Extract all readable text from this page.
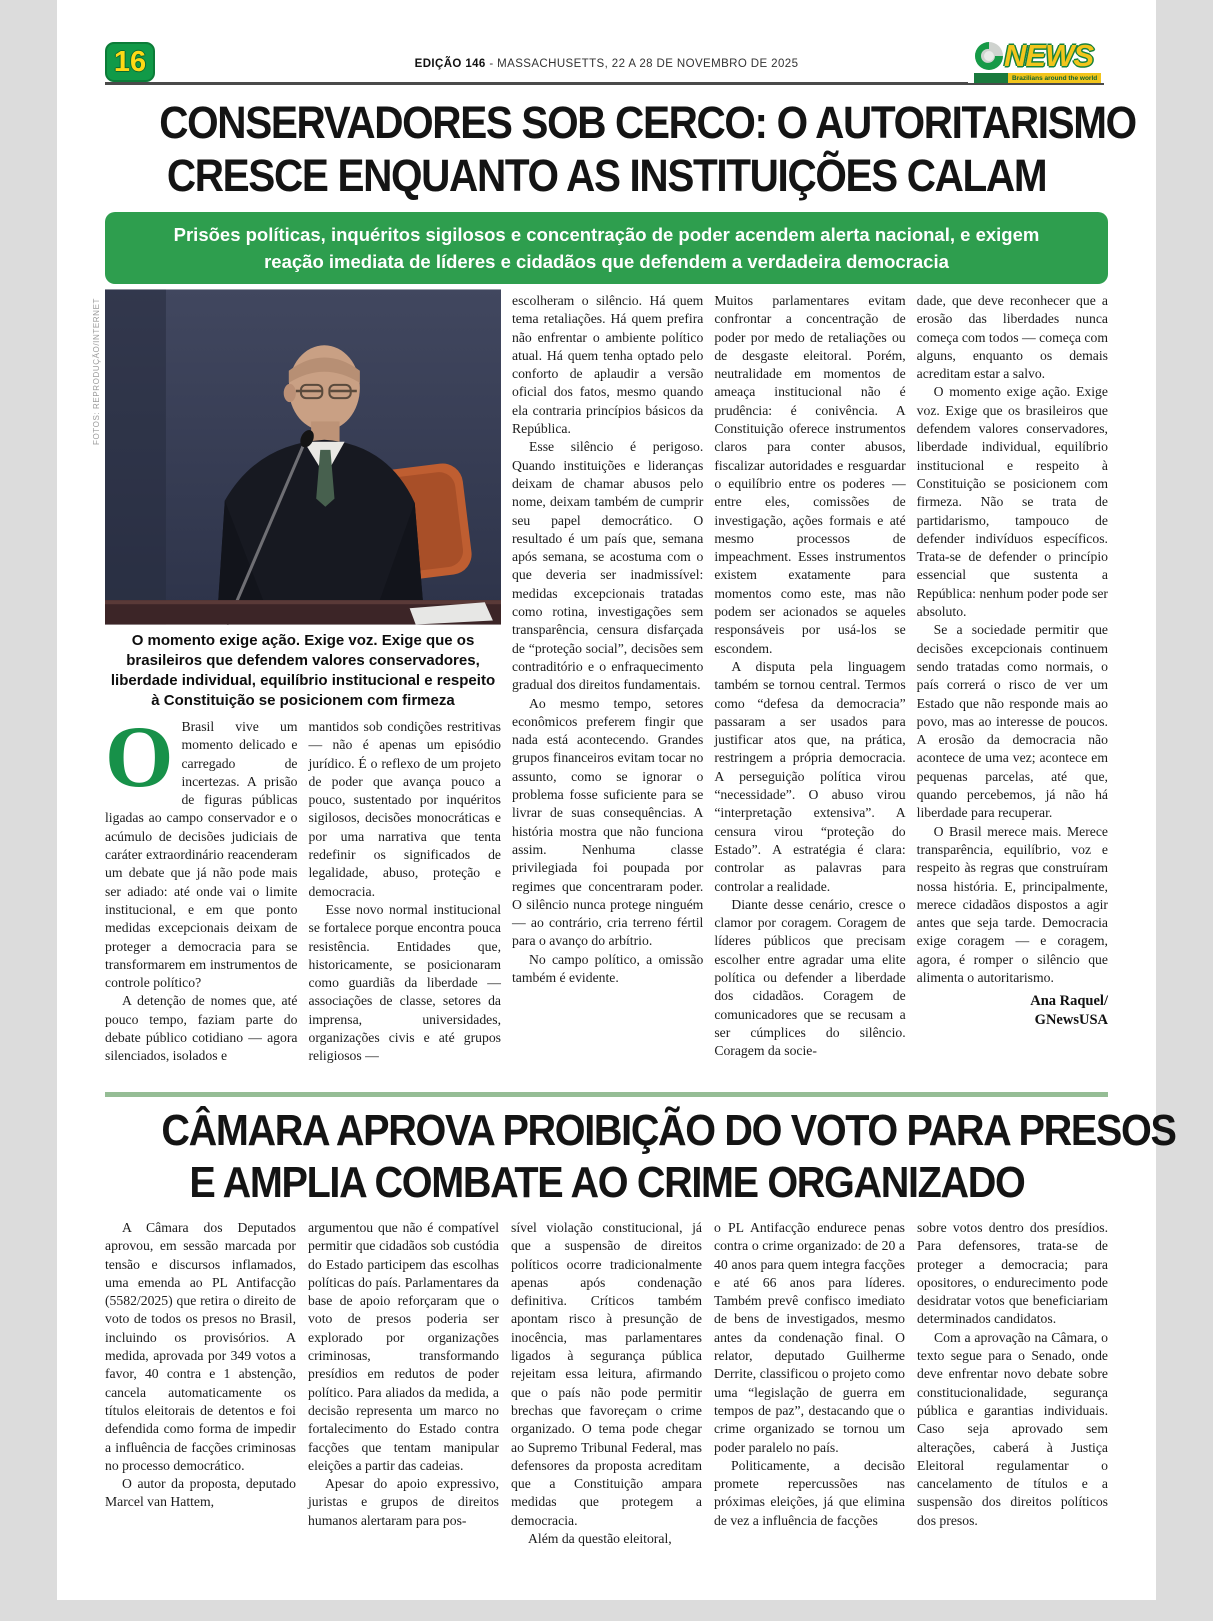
16	EDIÇÃO 146 - MASSACHUSETTS, 22 A 28 DE NOVEMBRO DE 2025	NEWS
Brazilians around the world
CONSERVADORES SOB CERCO: O AUTORITARISMO
CRESCE ENQUANTO AS INSTITUIÇÕES CALAM
Prisões políticas, inquéritos sigilosos e concentração de poder acendem alerta nacional, e exigem reação imediata de líderes e cidadãos que defendem a verdadeira democracia
FOTOS: REPRODUÇÃO/INTERNET
O momento exige ação. Exige voz. Exige que os brasileiros que defendem valores conservadores, liberdade individual, equilíbrio institucional e respeito à Constituição se posicionem com firmeza

O Brasil vive um momento delicado e carregado de incertezas. A prisão de figuras públicas ligadas ao campo conservador e o acúmulo de decisões judiciais de caráter extraordinário reacenderam um debate que já não pode mais ser adiado: até onde vai o limite institucional, e em que ponto medidas excepcionais deixam de proteger a democracia para se transformarem em instrumentos de controle político?

A detenção de nomes que, até pouco tempo, faziam parte do debate público cotidiano — agora silenciados, isolados e

mantidos sob condições restritivas — não é apenas um episódio jurídico. É o reflexo de um projeto de poder que avança pouco a pouco, sustentado por inquéritos sigilosos, decisões monocráticas e por uma narrativa que tenta redefinir os significados de legalidade, abuso, proteção e democracia.

Esse novo normal institucional se fortalece porque encontra pouca resistência. Entidades que, historicamente, se posicionaram como guardiãs da liberdade — associações de classe, setores da imprensa, universidades, organizações civis e até grupos religiosos —

escolheram o silêncio. Há quem tema retaliações. Há quem prefira não enfrentar o ambiente político atual. Há quem tenha optado pelo conforto de aplaudir a versão oficial dos fatos, mesmo quando ela contraria princípios básicos da República.

Esse silêncio é perigoso. Quando instituições e lideranças deixam de chamar abusos pelo nome, deixam também de cumprir seu papel democrático. O resultado é um país que, semana após semana, se acostuma com o que deveria ser inadmissível: medidas excepcionais tratadas como rotina, investigações sem transparência, censura disfarçada de “proteção social”, decisões sem contraditório e o enfraquecimento gradual dos direitos fundamentais.

Ao mesmo tempo, setores econômicos preferem fingir que nada está acontecendo. Grandes grupos financeiros evitam tocar no assunto, como se ignorar o problema fosse suficiente para se livrar de suas consequências. A história mostra que não funciona assim. Nenhuma classe privilegiada foi poupada por regimes que concentraram poder. O silêncio nunca protege ninguém — ao contrário, cria terreno fértil para o avanço do arbítrio.

No campo político, a omissão também é evidente.

Muitos parlamentares evitam confrontar a concentração de poder por medo de retaliações ou de desgaste eleitoral. Porém, neutralidade em momentos de ameaça institucional não é prudência: é conivência. A Constituição oferece instrumentos claros para conter abusos, fiscalizar autoridades e resguardar o equilíbrio entre os poderes — entre eles, comissões de investigação, ações formais e até mesmo processos de impeachment. Esses instrumentos existem exatamente para momentos como este, mas não podem ser acionados se aqueles responsáveis por usá-los se escondem.

A disputa pela linguagem também se tornou central. Termos como “defesa da democracia” passaram a ser usados para justificar atos que, na prática, restringem a própria democracia. A perseguição política virou “necessidade”. O abuso virou “interpretação extensiva”. A censura virou “proteção do Estado”. A estratégia é clara: controlar as palavras para controlar a realidade.

Diante desse cenário, cresce o clamor por coragem. Coragem de líderes públicos que precisam escolher entre agradar uma elite política ou defender a liberdade dos cidadãos. Coragem de comunicadores que se recusam a ser cúmplices do silêncio. Coragem da socie-

dade, que deve reconhecer que a erosão das liberdades nunca começa com todos — começa com alguns, enquanto os demais acreditam estar a salvo.

O momento exige ação. Exige voz. Exige que os brasileiros que defendem valores conservadores, liberdade individual, equilíbrio institucional e respeito à Constituição se posicionem com firmeza. Não se trata de partidarismo, tampouco de defender indivíduos específicos. Trata-se de defender o princípio essencial que sustenta a República: nenhum poder pode ser absoluto.

Se a sociedade permitir que decisões excepcionais continuem sendo tratadas como normais, o país correrá o risco de ver um Estado que não responde mais ao povo, mas ao interesse de poucos. A erosão da democracia não acontece de uma vez; acontece em pequenas parcelas, até que, quando percebemos, já não há liberdade para recuperar.

O Brasil merece mais. Merece transparência, equilíbrio, voz e respeito às regras que construíram nossa história. E, principalmente, merece cidadãos dispostos a agir antes que seja tarde. Democracia exige coragem — e coragem, agora, é romper o silêncio que alimenta o autoritarismo.

Ana Raquel/
GNewsUSA
CÂMARA APROVA PROIBIÇÃO DO VOTO PARA PRESOS
E AMPLIA COMBATE AO CRIME ORGANIZADO

A Câmara dos Deputados aprovou, em sessão marcada por tensão e discursos inflamados, uma emenda ao PL Antifacção (5582/2025) que retira o direito de voto de todos os presos no Brasil, incluindo os provisórios. A medida, aprovada por 349 votos a favor, 40 contra e 1 abstenção, cancela automaticamente os títulos eleitorais de detentos e foi defendida como forma de impedir a influência de facções criminosas no processo democrático.

O autor da proposta, deputado Marcel van Hattem,

argumentou que não é compatível permitir que cidadãos sob custódia do Estado participem das escolhas políticas do país. Parlamentares da base de apoio reforçaram que o voto de presos poderia ser explorado por organizações criminosas, transformando presídios em redutos de poder político. Para aliados da medida, a decisão representa um marco no fortalecimento do Estado contra facções que tentam manipular eleições a partir das cadeias.

Apesar do apoio expressivo, juristas e grupos de direitos humanos alertaram para pos-

sível violação constitucional, já que a suspensão de direitos políticos ocorre tradicionalmente apenas após condenação definitiva. Críticos também apontam risco à presunção de inocência, mas parlamentares ligados à segurança pública rejeitam essa leitura, afirmando que o país não pode permitir brechas que favoreçam o crime organizado. O tema pode chegar ao Supremo Tribunal Federal, mas defensores da proposta acreditam que a Constituição ampara medidas que protegem a democracia.

Além da questão eleitoral,

o PL Antifacção endurece penas contra o crime organizado: de 20 a 40 anos para quem integra facções e até 66 anos para líderes. Também prevê confisco imediato de bens de investigados, mesmo antes da condenação final. O relator, deputado Guilherme Derrite, classificou o projeto como uma “legislação de guerra em tempos de paz”, destacando que o crime organizado se tornou um poder paralelo no país.

Politicamente, a decisão promete repercussões nas próximas eleições, já que elimina de vez a influência de facções

sobre votos dentro dos presídios. Para defensores, trata-se de proteger a democracia; para opositores, o endurecimento pode desidratar votos que beneficiariam determinados candidatos.

Com a aprovação na Câmara, o texto segue para o Senado, onde deve enfrentar novo debate sobre constitucionalidade, segurança pública e garantias individuais. Caso seja aprovado sem alterações, caberá à Justiça Eleitoral regulamentar o cancelamento de títulos e a suspensão dos direitos políticos dos presos.
